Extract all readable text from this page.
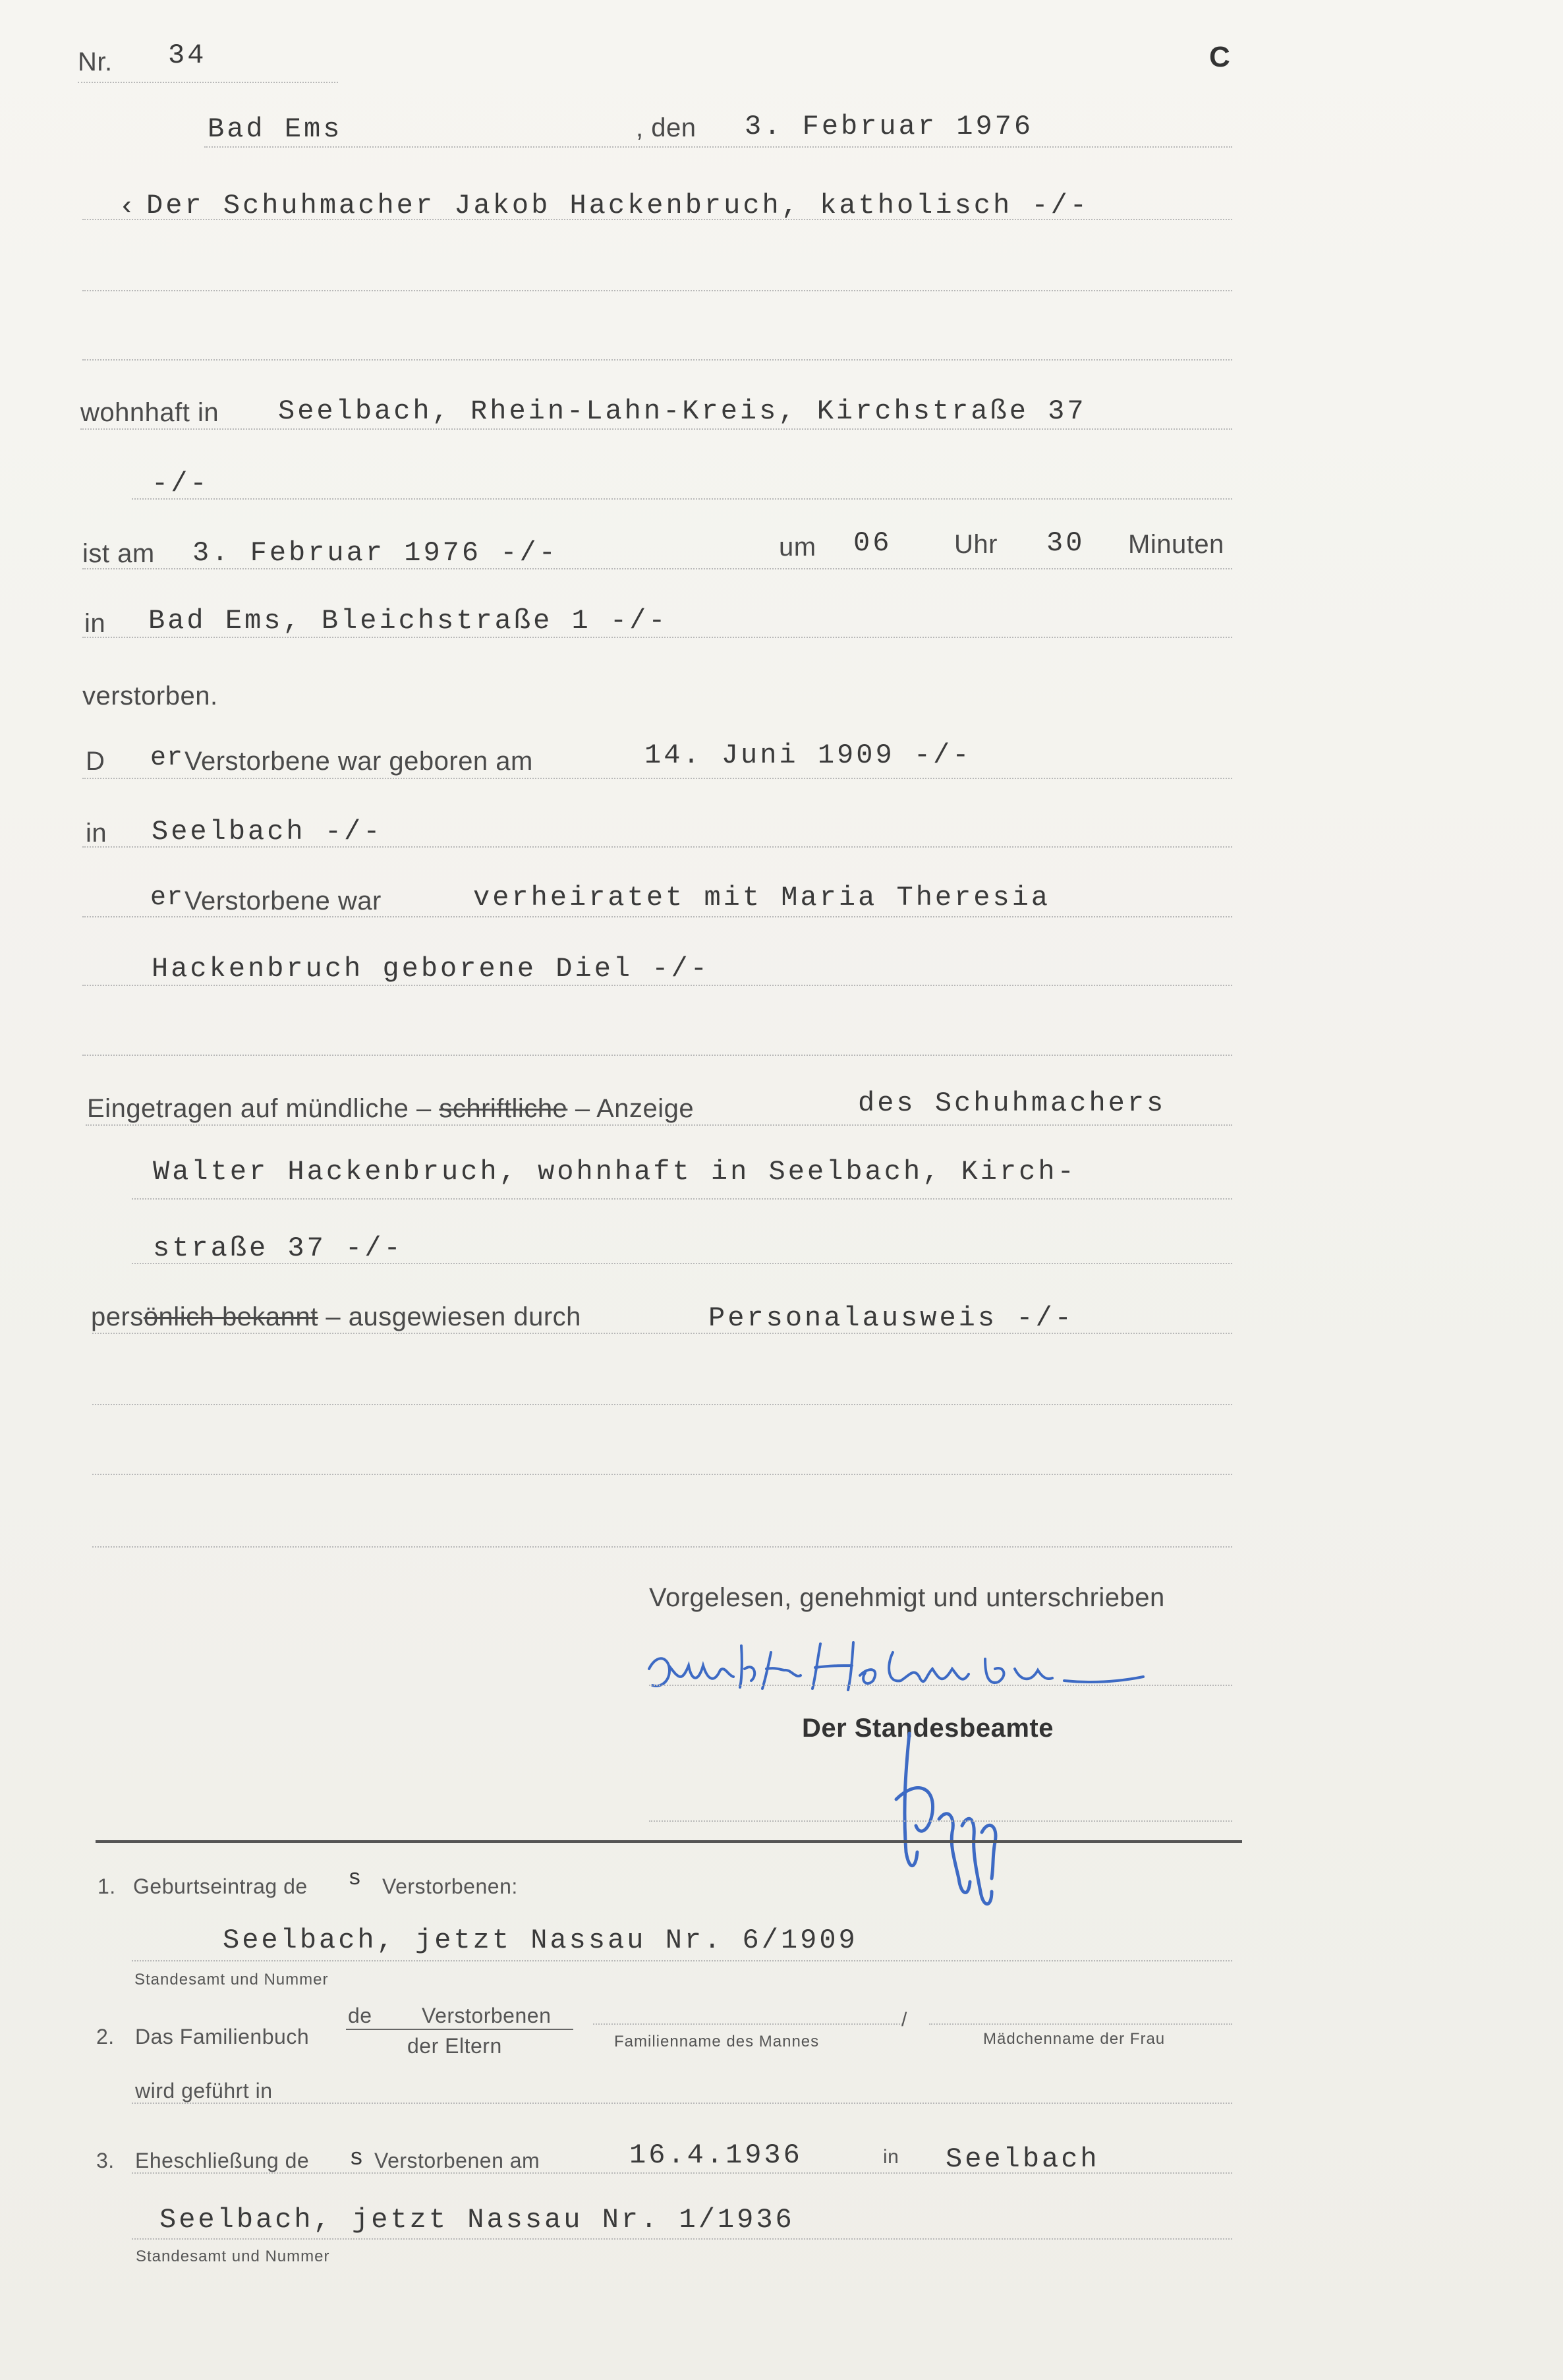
Nr. 34	C
Bad Ems	, den 3. Februar 1976
‹ Der Schuhmacher Jakob Hackenbruch, katholisch -/-
wohnhaft in Seelbach, Rhein-Lahn-Kreis, Kirchstraße 37
-/-
ist am 3. Februar 1976 -/-	um 06 Uhr 30 Minuten
in Bad Ems, Bleichstraße 1 -/-
verstorben.
D er Verstorbene war geboren am	14. Juni 1909 -/-
in Seelbach -/-
er Verstorbene war	verheiratet mit Maria Theresia
Hackenbruch geborene Diel -/-
Eingetragen auf mündliche – schriftliche – Anzeige	des Schuhmachers
Walter Hackenbruch, wohnhaft in Seelbach, Kirch-
straße 37 -/-
persönlich bekannt – ausgewiesen durch	Personalausweis -/-
Vorgelesen, genehmigt und unterschrieben
Der Standesbeamte
1. Geburtseintrag de s Verstorbenen:
Seelbach, jetzt Nassau Nr. 6/1909
Standesamt und Nummer
2. Das Familienbuch
de Verstorbenen
der Eltern	Familienname des Mannes
/
Mädchenname der Frau
wird geführt in
3. Eheschließung de s Verstorbenen am	16.4.1936	in Seelbach
Seelbach, jetzt Nassau Nr. 1/1936
Standesamt und Nummer
